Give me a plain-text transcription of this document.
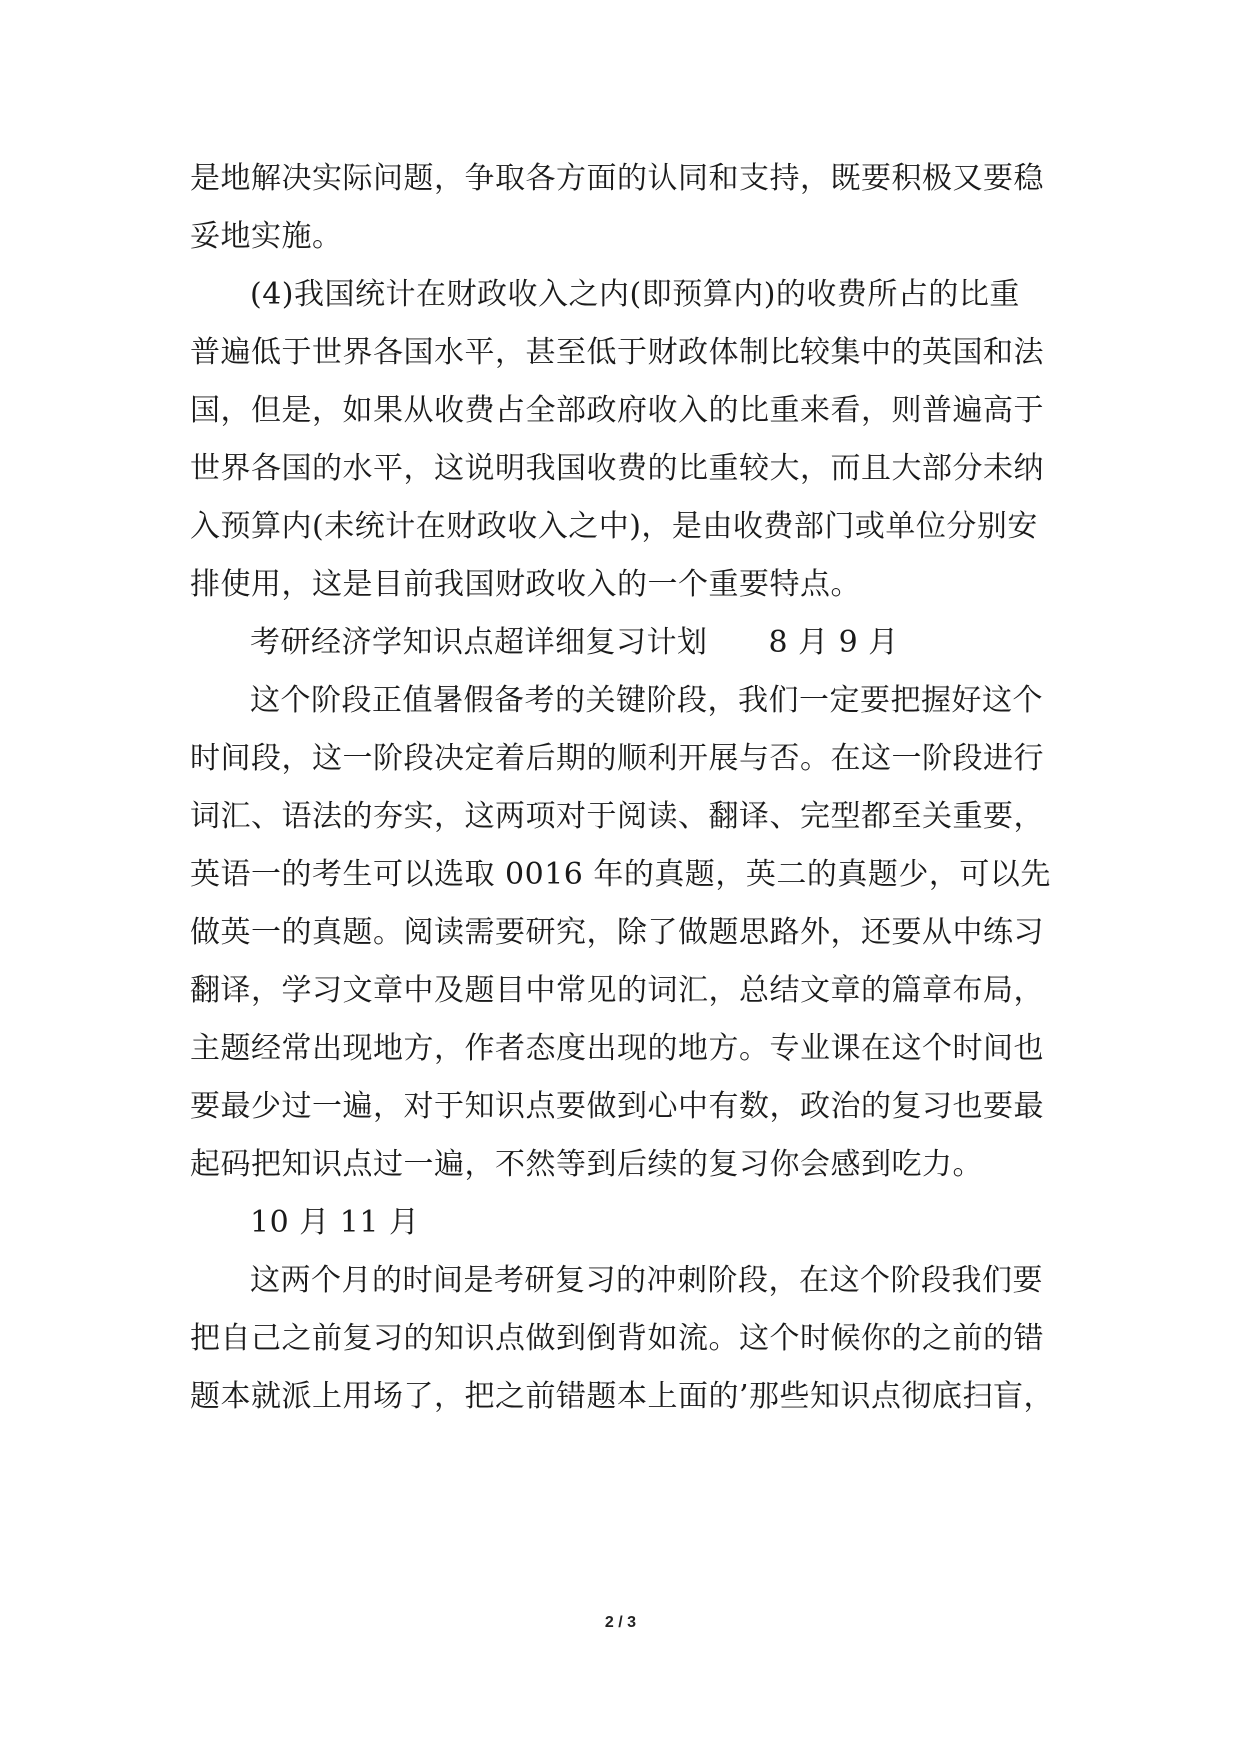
是地解决实际问题，争取各方面的认同和支持，既要积极又要稳
妥地实施。
(4)我国统计在财政收入之内(即预算内)的收费所占的比重
普遍低于世界各国水平，甚至低于财政体制比较集中的英国和法
国，但是，如果从收费占全部政府收入的比重来看，则普遍高于
世界各国的水平，这说明我国收费的比重较大，而且大部分未纳
入预算内(未统计在财政收入之中)，是由收费部门或单位分别安
排使用，这是目前我国财政收入的一个重要特点。
考研经济学知识点超详细复习计划　　8 月 9 月
这个阶段正值暑假备考的关键阶段，我们一定要把握好这个
时间段，这一阶段决定着后期的顺利开展与否。在这一阶段进行
词汇、语法的夯实，这两项对于阅读、翻译、完型都至关重要，
英语一的考生可以选取 0016 年的真题，英二的真题少，可以先
做英一的真题。阅读需要研究，除了做题思路外，还要从中练习
翻译，学习文章中及题目中常见的词汇，总结文章的篇章布局，
主题经常出现地方，作者态度出现的地方。专业课在这个时间也
要最少过一遍，对于知识点要做到心中有数，政治的复习也要最
起码把知识点过一遍，不然等到后续的复习你会感到吃力。
10 月 11 月
这两个月的时间是考研复习的冲刺阶段，在这个阶段我们要
把自己之前复习的知识点做到倒背如流。这个时候你的之前的错
题本就派上用场了，把之前错题本上面的’那些知识点彻底扫盲，
2 / 3
